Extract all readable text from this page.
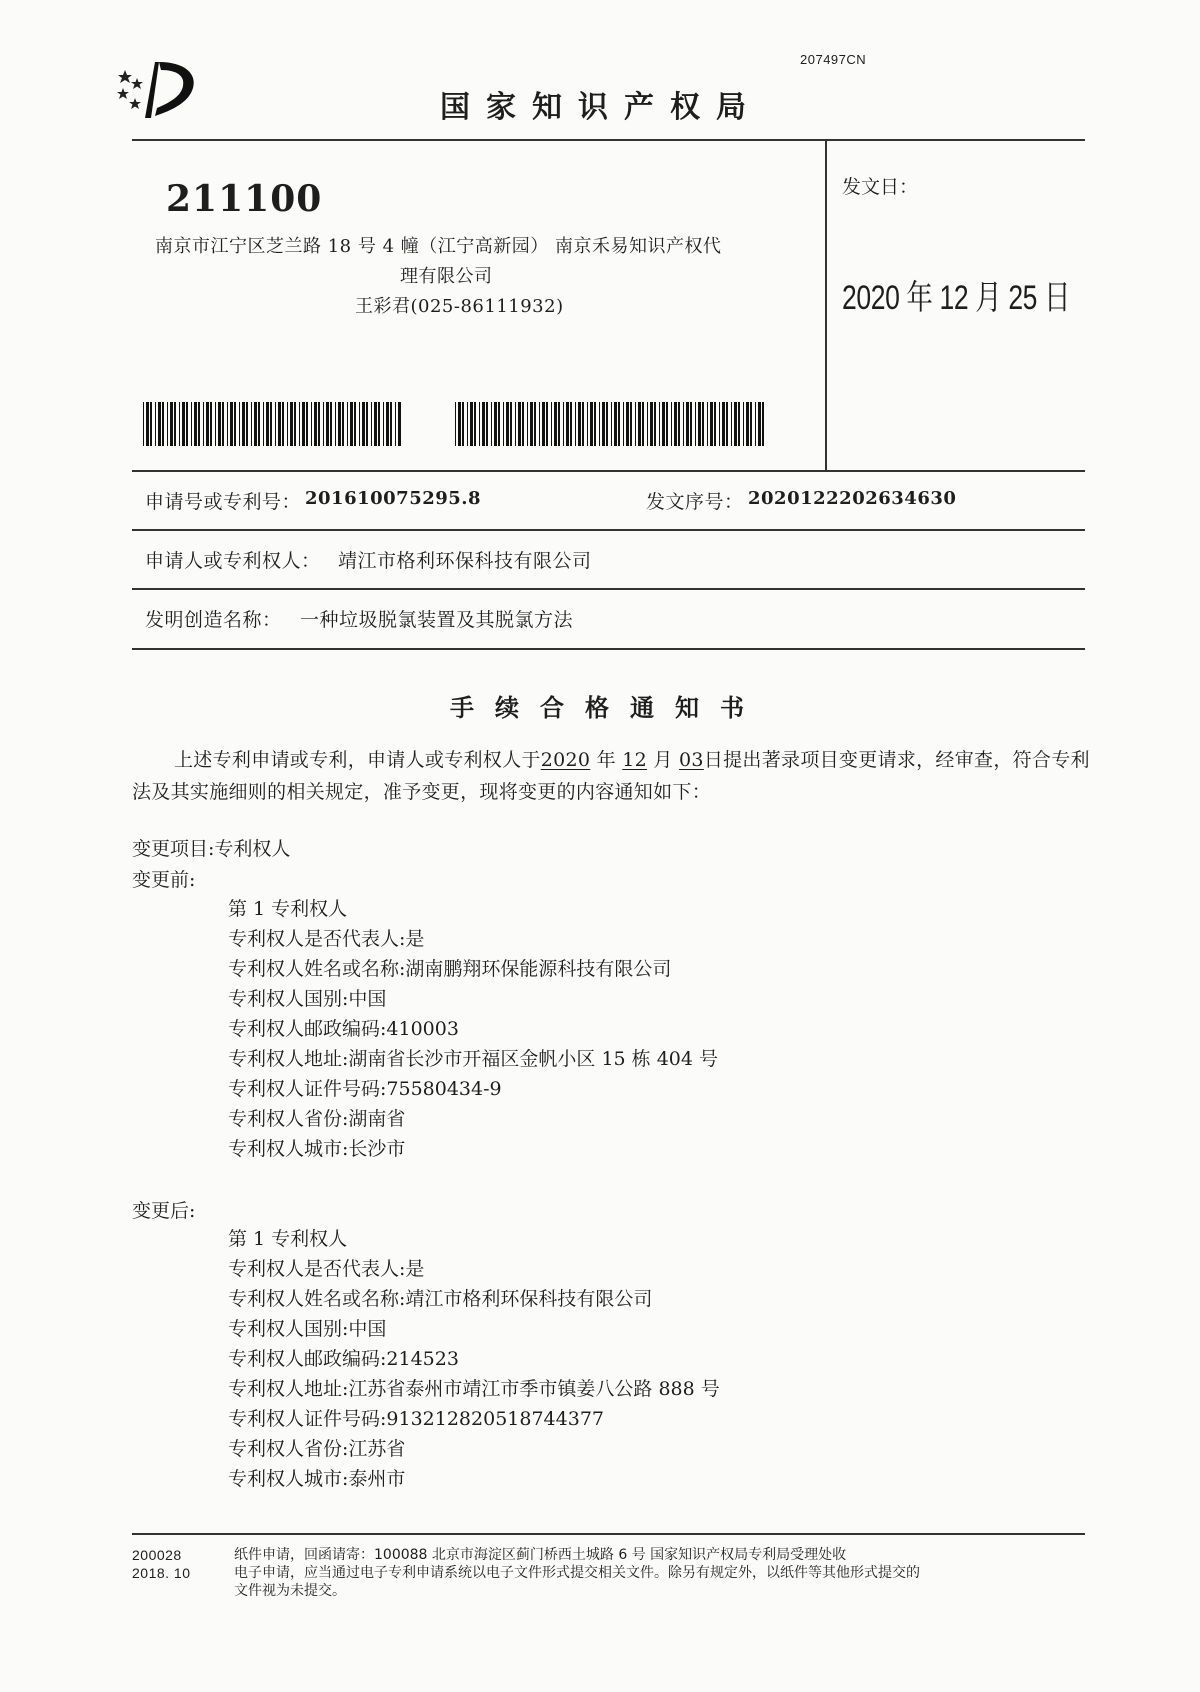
207497CN
国家知识产权局
211100
南京市江宁区芝兰路 18 号 4 幢（江宁高新园） 南京禾易知识产权代
理有限公司
王彩君(025-86111932)
发文日：
2020 年 12 月 25 日
申请号或专利号： 201610075295.8	发文序号： 2020122202634630
申请人或专利权人： 靖江市格利环保科技有限公司
发明创造名称： 一种垃圾脱氯装置及其脱氯方法
手续合格通知书
上述专利申请或专利，申请人或专利权人于2020 年 12 月 03日提出著录项目变更请求，经审查，符合专利法及其实施细则的相关规定，准予变更，现将变更的内容通知如下：
变更项目:专利权人
变更前:
第 1 专利权人
专利权人是否代表人:是
专利权人姓名或名称:湖南鹏翔环保能源科技有限公司
专利权人国别:中国
专利权人邮政编码:410003
专利权人地址:湖南省长沙市开福区金帆小区 15 栋 404 号
专利权人证件号码:75580434-9
专利权人省份:湖南省
专利权人城市:长沙市
变更后:
第 1 专利权人
专利权人是否代表人:是
专利权人姓名或名称:靖江市格利环保科技有限公司
专利权人国别:中国
专利权人邮政编码:214523
专利权人地址:江苏省泰州市靖江市季市镇姜八公路 888 号
专利权人证件号码:913212820518744377
专利权人省份:江苏省
专利权人城市:泰州市
200028
2018. 10
纸件申请，回函请寄：100088 北京市海淀区蓟门桥西土城路 6 号 国家知识产权局专利局受理处收
电子申请，应当通过电子专利申请系统以电子文件形式提交相关文件。除另有规定外，以纸件等其他形式提交的
文件视为未提交。
